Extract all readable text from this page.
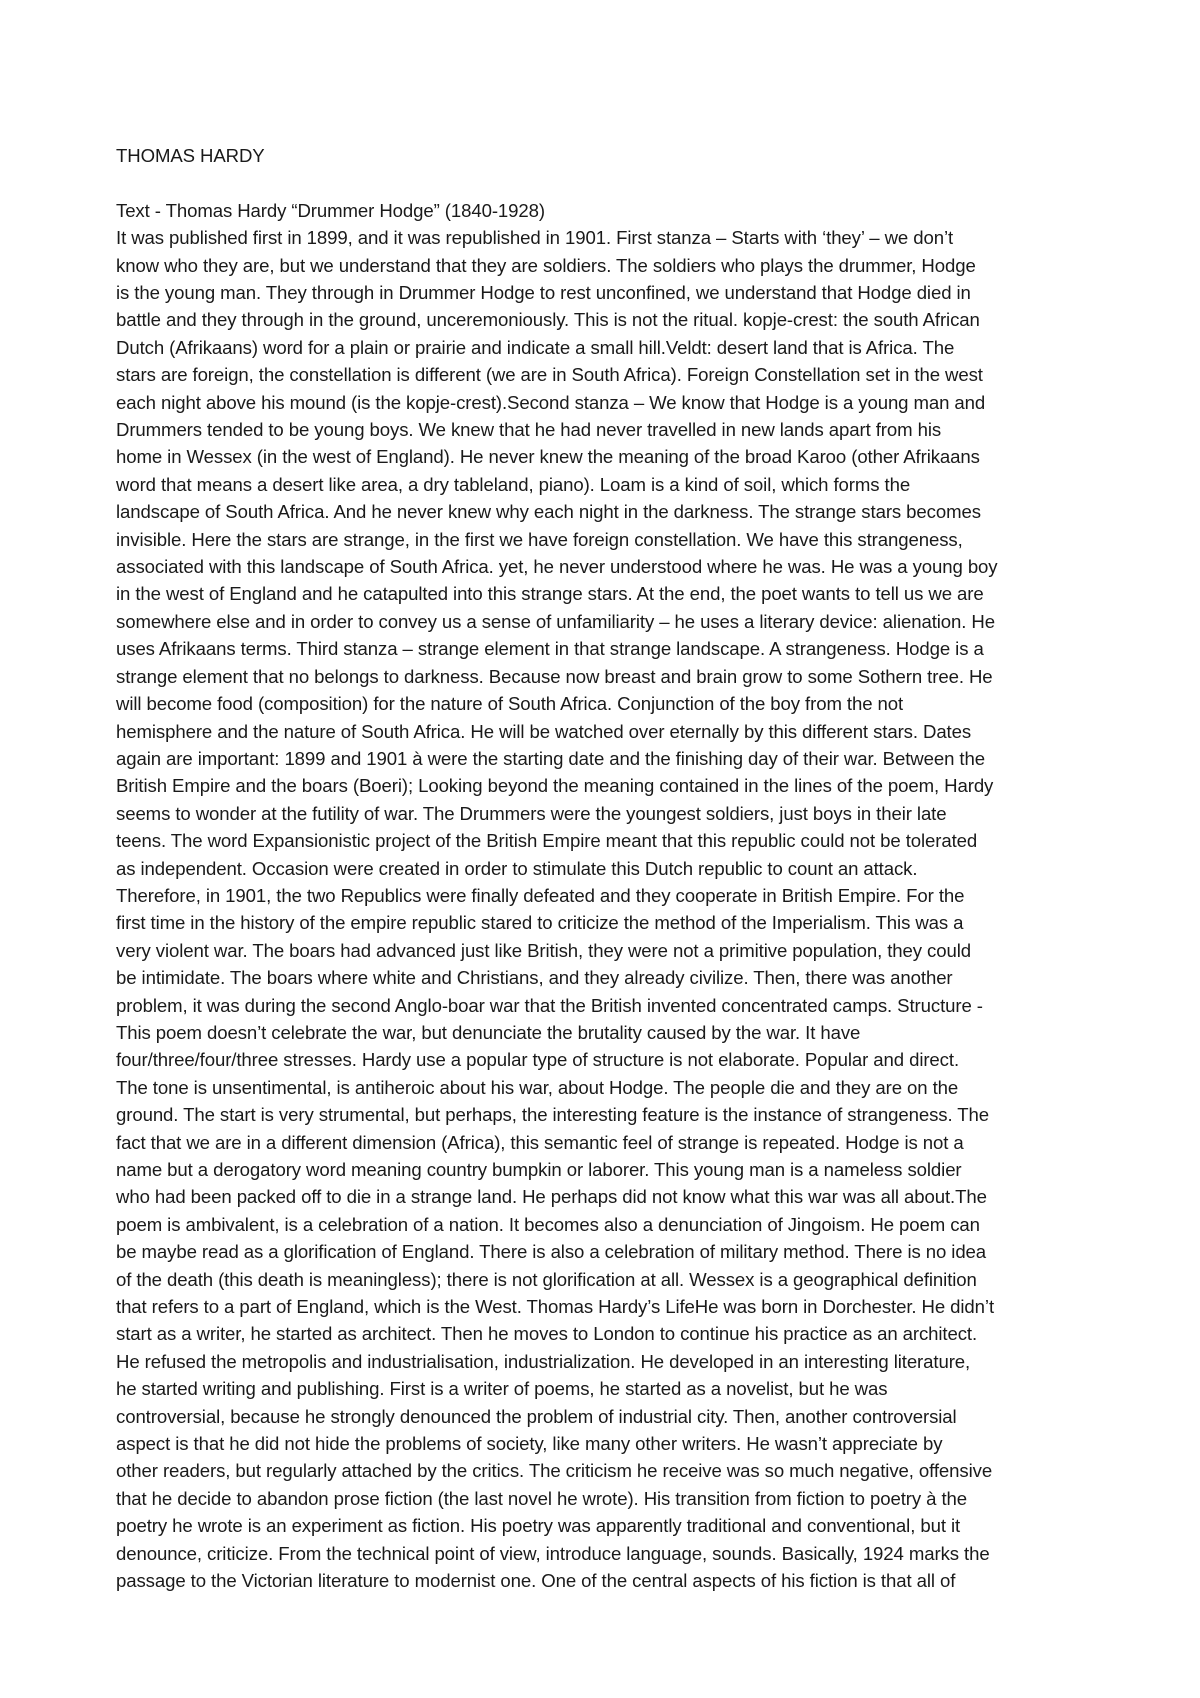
THOMAS HARDY
Text - Thomas Hardy “Drummer Hodge” (1840-1928)
It was published first in 1899, and it was republished in 1901. First stanza – Starts with ‘they’ – we don’t
know who they are, but we understand that they are soldiers. The soldiers who plays the drummer, Hodge
is the young man. They through in Drummer Hodge to rest unconfined, we understand that Hodge died in
battle and they through in the ground, unceremoniously. This is not the ritual. kopje-crest: the south African
Dutch (Afrikaans) word for a plain or prairie and indicate a small hill.Veldt: desert land that is Africa. The
stars are foreign, the constellation is different (we are in South Africa). Foreign Constellation set in the west
each night above his mound (is the kopje-crest).Second stanza – We know that Hodge is a young man and
Drummers tended to be young boys. We knew that he had never travelled in new lands apart from his
home in Wessex (in the west of England). He never knew the meaning of the broad Karoo (other Afrikaans
word that means a desert like area, a dry tableland, piano). Loam is a kind of soil, which forms the
landscape of South Africa. And he never knew why each night in the darkness. The strange stars becomes
invisible. Here the stars are strange, in the first we have foreign constellation. We have this strangeness,
associated with this landscape of South Africa. yet, he never understood where he was. He was a young boy
in the west of England and he catapulted into this strange stars. At the end, the poet wants to tell us we are
somewhere else and in order to convey us a sense of unfamiliarity – he uses a literary device: alienation. He
uses Afrikaans terms. Third stanza – strange element in that strange landscape. A strangeness. Hodge is a
strange element that no belongs to darkness. Because now breast and brain grow to some Sothern tree. He
will become food (composition) for the nature of South Africa. Conjunction of the boy from the not
hemisphere and the nature of South Africa. He will be watched over eternally by this different stars. Dates
again are important: 1899 and 1901 à were the starting date and the finishing day of their war. Between the
British Empire and the boars (Boeri); Looking beyond the meaning contained in the lines of the poem, Hardy
seems to wonder at the futility of war. The Drummers were the youngest soldiers, just boys in their late
teens. The word Expansionistic project of the British Empire meant that this republic could not be tolerated
as independent. Occasion were created in order to stimulate this Dutch republic to count an attack.
Therefore, in 1901, the two Republics were finally defeated and they cooperate in British Empire. For the
first time in the history of the empire republic stared to criticize the method of the Imperialism. This was a
very violent war. The boars had advanced just like British, they were not a primitive population, they could
be intimidate. The boars where white and Christians, and they already civilize. Then, there was another
problem, it was during the second Anglo-boar war that the British invented concentrated camps. Structure -
This poem doesn’t celebrate the war, but denunciate the brutality caused by the war. It have
four/three/four/three stresses. Hardy use a popular type of structure is not elaborate. Popular and direct.
The tone is unsentimental, is antiheroic about his war, about Hodge. The people die and they are on the
ground. The start is very strumental, but perhaps, the interesting feature is the instance of strangeness. The
fact that we are in a different dimension (Africa), this semantic feel of strange is repeated. Hodge is not a
name but a derogatory word meaning country bumpkin or laborer. This young man is a nameless soldier
who had been packed off to die in a strange land. He perhaps did not know what this war was all about.The
poem is ambivalent, is a celebration of a nation. It becomes also a denunciation of Jingoism. He poem can
be maybe read as a glorification of England. There is also a celebration of military method. There is no idea
of the death (this death is meaningless); there is not glorification at all. Wessex is a geographical definition
that refers to a part of England, which is the West. Thomas Hardy’s LifeHe was born in Dorchester. He didn’t
start as a writer, he started as architect. Then he moves to London to continue his practice as an architect.
He refused the metropolis and industrialisation, industrialization. He developed in an interesting literature,
he started writing and publishing. First is a writer of poems, he started as a novelist, but he was
controversial, because he strongly denounced the problem of industrial city. Then, another controversial
aspect is that he did not hide the problems of society, like many other writers. He wasn’t appreciate by
other readers, but regularly attached by the critics. The criticism he receive was so much negative, offensive
that he decide to abandon prose fiction (the last novel he wrote). His transition from fiction to poetry à the
poetry he wrote is an experiment as fiction. His poetry was apparently traditional and conventional, but it
denounce, criticize. From the technical point of view, introduce language, sounds. Basically, 1924 marks the
passage to the Victorian literature to modernist one. One of the central aspects of his fiction is that all of
